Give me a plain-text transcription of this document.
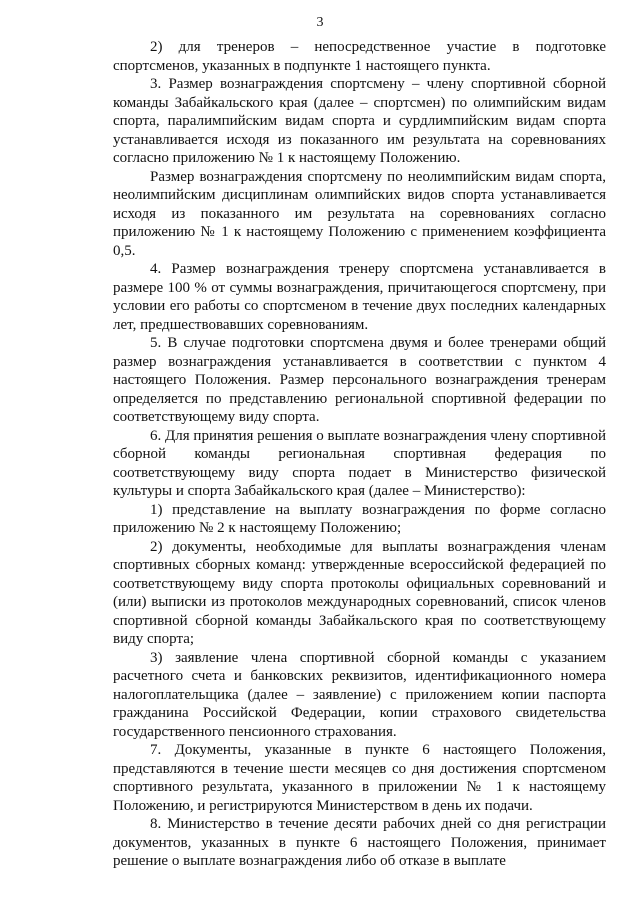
3

2) для тренеров – непосредственное участие в подготовке спортсменов, указанных в подпункте 1 настоящего пункта.

3. Размер вознаграждения спортсмену – члену спортивной сборной команды Забайкальского края (далее – спортсмен) по олимпийским видам спорта, паралимпийским видам спорта и сурдлимпийским видам спорта устанавливается исходя из показанного им результата на соревнованиях согласно приложению № 1 к настоящему Положению.

Размер вознаграждения спортсмену по неолимпийским видам спорта, неолимпийским дисциплинам олимпийских видов спорта устанавливается исходя из показанного им результата на соревнованиях согласно приложению № 1 к настоящему Положению с применением коэффициента 0,5.

4. Размер вознаграждения тренеру спортсмена устанавливается в размере 100 % от суммы вознаграждения, причитающегося спортсмену, при условии его работы со спортсменом в течение двух последних календарных лет, предшествовавших соревнованиям.

5. В случае подготовки спортсмена двумя и более тренерами общий размер вознаграждения устанавливается в соответствии с пунктом 4 настоящего Положения. Размер персонального вознаграждения тренерам определяется по представлению региональной спортивной федерации по соответствующему виду спорта.

6. Для принятия решения о выплате вознаграждения члену спортивной сборной команды региональная спортивная федерация по соответствующему виду спорта подает в Министерство физической культуры и спорта Забайкальского края (далее – Министерство):

1) представление на выплату вознаграждения по форме согласно приложению № 2 к настоящему Положению;

2) документы, необходимые для выплаты вознаграждения членам спортивных сборных команд: утвержденные всероссийской федерацией по соответствующему виду спорта протоколы официальных соревнований и (или) выписки из протоколов международных соревнований, список членов спортивной сборной команды Забайкальского края по соответствующему виду спорта;

3) заявление члена спортивной сборной команды с указанием расчетного счета и банковских реквизитов, идентификационного номера налогоплательщика (далее – заявление) с приложением копии паспорта гражданина Российской Федерации, копии страхового свидетельства государственного пенсионного страхования.

7. Документы, указанные в пункте 6 настоящего Положения, представляются в течение шести месяцев со дня достижения спортсменом спортивного результата, указанного в приложении № 1 к настоящему Положению, и регистрируются Министерством в день их подачи.

8. Министерство в течение десяти рабочих дней со дня регистрации документов, указанных в пункте 6 настоящего Положения, принимает решение о выплате вознаграждения либо об отказе в выплате
